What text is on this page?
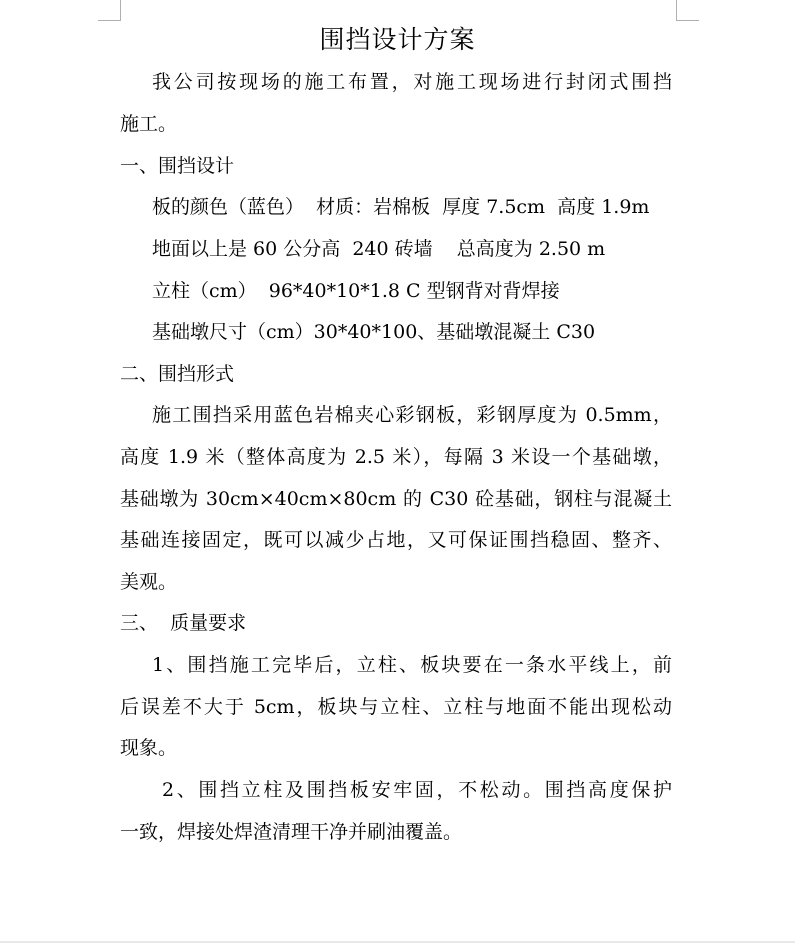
围挡设计方案
我公司按现场的施工布置，对施工现场进行封闭式围挡
施工。
一、围挡设计
板的颜色（蓝色）  材质：岩棉板  厚度 7.5cm  高度 1.9m
地面以上是 60 公分高  240 砖墙    总高度为 2.50 m
立柱（cm）  96*40*10*1.8 C 型钢背对背焊接
基础墩尺寸（cm）30*40*100、基础墩混凝土 C30
二、围挡形式
施工围挡采用蓝色岩棉夹心彩钢板，彩钢厚度为 0.5mm，
高度 1.9 米（整体高度为 2.5 米），每隔 3 米设一个基础墩，
基础墩为 30cm×40cm×80cm 的 C30 砼基础，钢柱与混凝土
基础连接固定，既可以减少占地，又可保证围挡稳固、整齐、
美观。
三、  质量要求
1、围挡施工完毕后，立柱、板块要在一条水平线上，前
后误差不大于 5cm，板块与立柱、立柱与地面不能出现松动
现象。
2、围挡立柱及围挡板安牢固，不松动。围挡高度保护
一致，焊接处焊渣清理干净并刷油覆盖。
